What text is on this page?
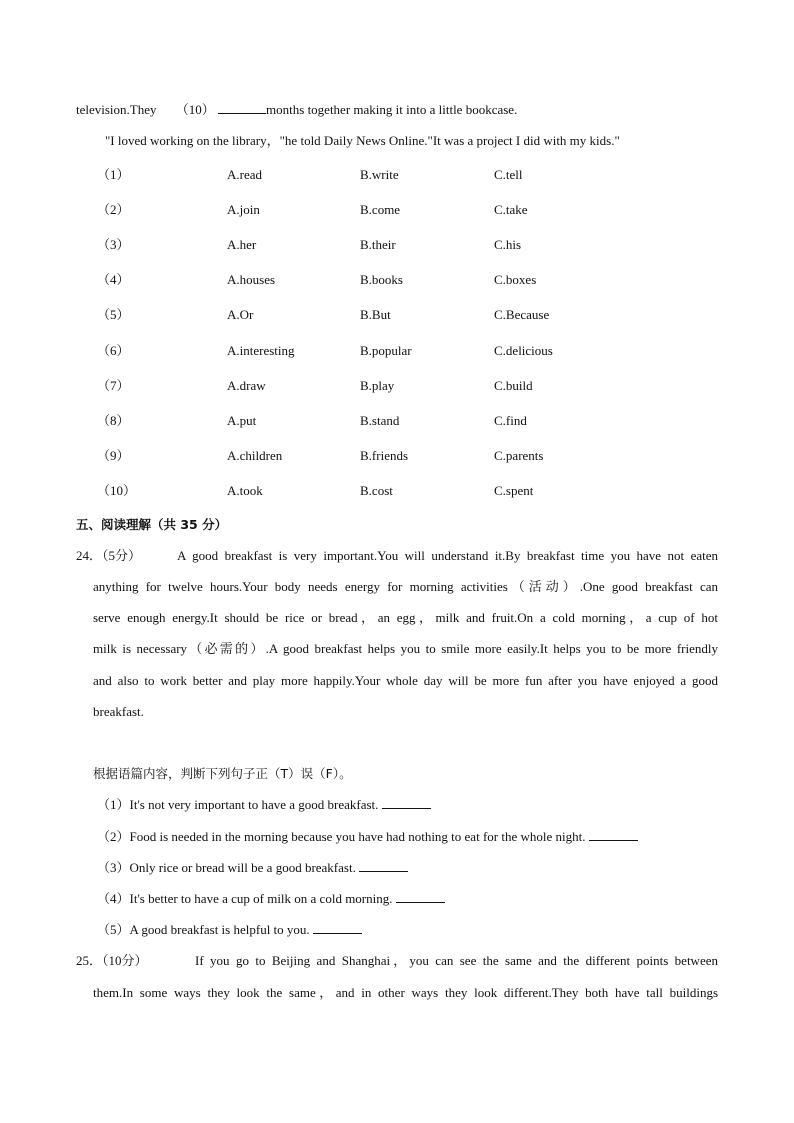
television.They （10）	months together making it into a little bookcase.
"I loved working on the library，"he told Daily News Online."It was a project I did with my kids."
（1）	A.read	B.write	C.tell
（2）	A.join	B.come	C.take
（3）	A.her	B.their	C.his
（4）	A.houses	B.books	C.boxes
（5）	A.Or	B.But	C.Because
（6）	A.interesting	B.popular	C.delicious
（7）	A.draw	B.play	C.build
（8）	A.put	B.stand	C.find
（9）	A.children	B.friends	C.parents
（10）	A.took	B.cost	C.spent
五、阅读理解（共 35 分）
24．（5分）	A good breakfast is very important.You will understand it.By breakfast time you have not eaten
anything for twelve hours.Your body needs energy for morning activities（活动）.One good breakfast can
serve enough energy.It should be rice or bread，an egg，milk and fruit.On a cold morning，a cup of hot
milk is necessary（必需的）.A good breakfast helps you to smile more easily.It helps you to be more friendly
and also to work better and play more happily.Your whole day will be more fun after you have enjoyed a good
breakfast.
根据语篇内容，判断下列句子正（T）误（F）。
（1）It's not very important to have a good breakfast.
（2）Food is needed in the morning because you have had nothing to eat for the whole night.
（3）Only rice or bread will be a good breakfast.
（4）It's better to have a cup of milk on a cold morning.
（5）A good breakfast is helpful to you.
25．（10分）	If you go to Beijing and Shanghai，you can see the same and the different points between
them.In some ways they look the same，and in other ways they look different.They both have tall buildings
